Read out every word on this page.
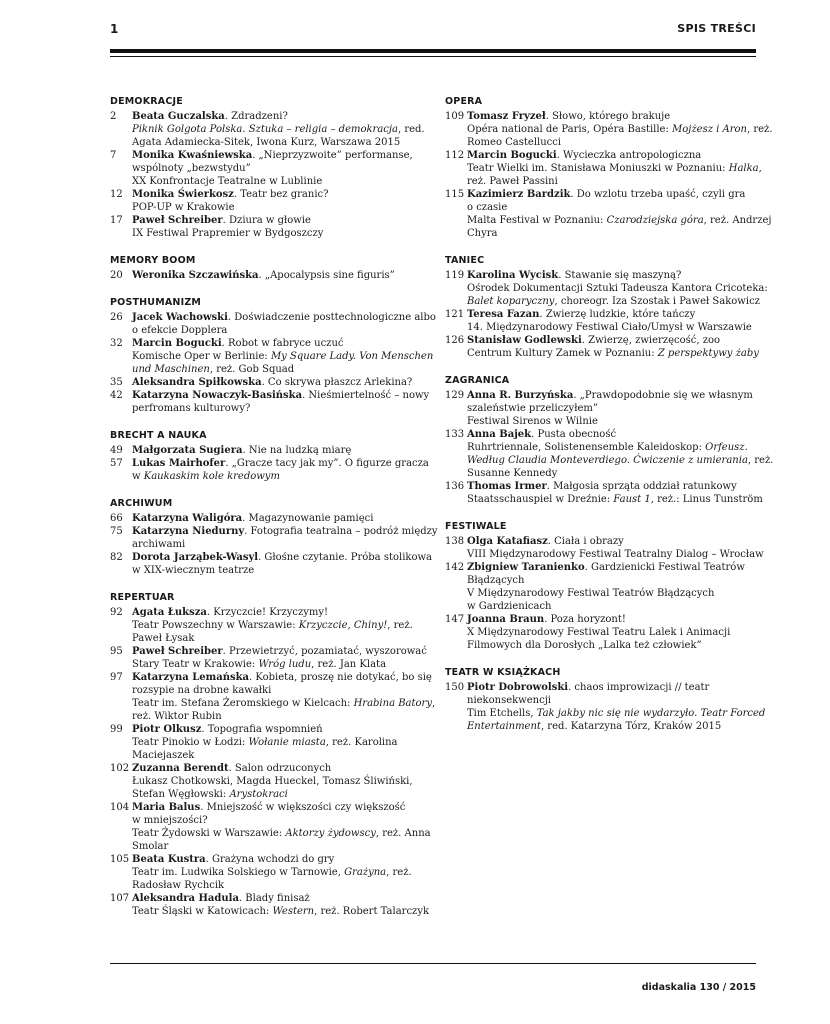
1	SPIS TREŚCI
DEMOKRACJE
2	Beata Guczalska. Zdradzeni?
Piknik Golgota Polska. Sztuka – religia – demokracja, red.
Agata Adamiecka-Sitek, Iwona Kurz, Warszawa 2015
7	Monika Kwaśniewska. „Nieprzyzwoite” performanse,
wspólnoty „bezwstydu”
XX Konfrontacje Teatralne w Lublinie
12 Monika Świerkosz. Teatr bez granic?
POP-UP w Krakowie
17 Paweł Schreiber. Dziura w głowie
IX Festiwal Prapremier w Bydgoszczy
MEMORY BOOM
20 Weronika Szczawińska. „Apocalypsis sine figuris”
POSTHUMANIZM
26 Jacek Wachowski. Doświadczenie posttechnologiczne albo
o efekcie Dopplera
32 Marcin Bogucki. Robot w fabryce uczuć
Komische Oper w Berlinie: My Square Lady. Von Menschen
und Maschinen, reż. Gob Squad
35 Aleksandra Spiłkowska. Co skrywa płaszcz Arlekina?
42 Katarzyna Nowaczyk-Basińska. Nieśmiertelność – nowy
perfromans kulturowy?
BRECHT A NAUKA
49 Małgorzata Sugiera. Nie na ludzką miarę
57 Lukas Mairhofer. „Gracze tacy jak my”. O figurze gracza
w Kaukaskim kole kredowym
ARCHIWUM
66 Katarzyna Waligóra. Magazynowanie pamięci
75 Katarzyna Niedurny. Fotografia teatralna – podróż między
archiwami
82 Dorota Jarząbek-Wasyl. Głośne czytanie. Próba stolikowa
w XIX-wiecznym teatrze
REPERTUAR
92 Agata Łuksza. Krzyczcie! Krzyczymy!
Teatr Powszechny w Warszawie: Krzyczcie, Chiny!, reż.
Paweł Łysak
95 Paweł Schreiber. Przewietrzyć, pozamiatać, wyszorować
Stary Teatr w Krakowie: Wróg ludu, reż. Jan Klata
97 Katarzyna Lemańska. Kobieta, proszę nie dotykać, bo się
rozsypie na drobne kawałki
Teatr im. Stefana Żeromskiego w Kielcach: Hrabina Batory,
reż. Wiktor Rubin
99 Piotr Olkusz. Topografia wspomnień
Teatr Pinokio w Łodzi: Wołanie miasta, reż. Karolina
Maciejaszek
102 Zuzanna Berendt. Salon odrzuconych
Łukasz Chotkowski, Magda Hueckel, Tomasz Śliwiński,
Stefan Węgłowski: Arystokraci
104 Maria Balus. Mniejszość w większości czy większość
w mniejszości?
Teatr Żydowski w Warszawie: Aktorzy żydowscy, reż. Anna
Smolar
105 Beata Kustra. Grażyna wchodzi do gry
Teatr im. Ludwika Solskiego w Tarnowie, Grażyna, reż.
Radosław Rychcik
107 Aleksandra Hadula. Blady finisaż
Teatr Śląski w Katowicach: Western, reż. Robert Talarczyk
OPERA
109 Tomasz Fryzeł. Słowo, którego brakuje
Opéra national de Paris, Opéra Bastille: Mojżesz i Aron, reż.
Romeo Castellucci
112 Marcin Bogucki. Wycieczka antropologiczna
Teatr Wielki im. Stanisława Moniuszki w Poznaniu: Halka,
reż. Paweł Passini
115 Kazimierz Bardzik. Do wzlotu trzeba upaść, czyli gra
o czasie
Malta Festival w Poznaniu: Czarodziejska góra, reż. Andrzej
Chyra
TANIEC
119 Karolina Wycisk. Stawanie się maszyną?
Ośrodek Dokumentacji Sztuki Tadeusza Kantora Cricoteka:
Balet koparyczny, choreogr. Iza Szostak i Paweł Sakowicz
121 Teresa Fazan. Zwierzę ludzkie, które tańczy
14. Międzynarodowy Festiwal Ciało/Umysł w Warszawie
126 Stanisław Godlewski. Zwierzę, zwierzęcość, zoo
Centrum Kultury Zamek w Poznaniu: Z perspektywy żaby
ZAGRANICA
129 Anna R. Burzyńska. „Prawdopodobnie się we własnym
szaleństwie przeliczyłem”
Festiwal Sirenos w Wilnie
133 Anna Bajek. Pusta obecność
Ruhrtriennale, Solistenensemble Kaleidoskop: Orfeusz.
Według Claudia Monteverdiego. Ćwiczenie z umierania, reż.
Susanne Kennedy
136 Thomas Irmer. Małgosia sprząta oddział ratunkowy
Staatsschauspiel w Dreźnie: Faust 1, reż.: Linus Tunström
FESTIWALE
138 Olga Katafiasz. Ciała i obrazy
VIII Międzynarodowy Festiwal Teatralny Dialog – Wrocław
142 Zbigniew Taranienko. Gardzienicki Festiwal Teatrów
Błądzących
V Międzynarodowy Festiwal Teatrów Błądzących
w Gardzienicach
147 Joanna Braun. Poza horyzont!
X Międzynarodowy Festiwal Teatru Lalek i Animacji
Filmowych dla Dorosłych „Lalka też człowiek”
TEATR W KSIĄŻKACH
150 Piotr Dobrowolski. chaos improwizacji // teatr
niekonsekwencji
Tim Etchells, Tak jakby nic się nie wydarzyło. Teatr Forced
Entertainment, red. Katarzyna Tórz, Kraków 2015
didaskalia 130 / 2015
